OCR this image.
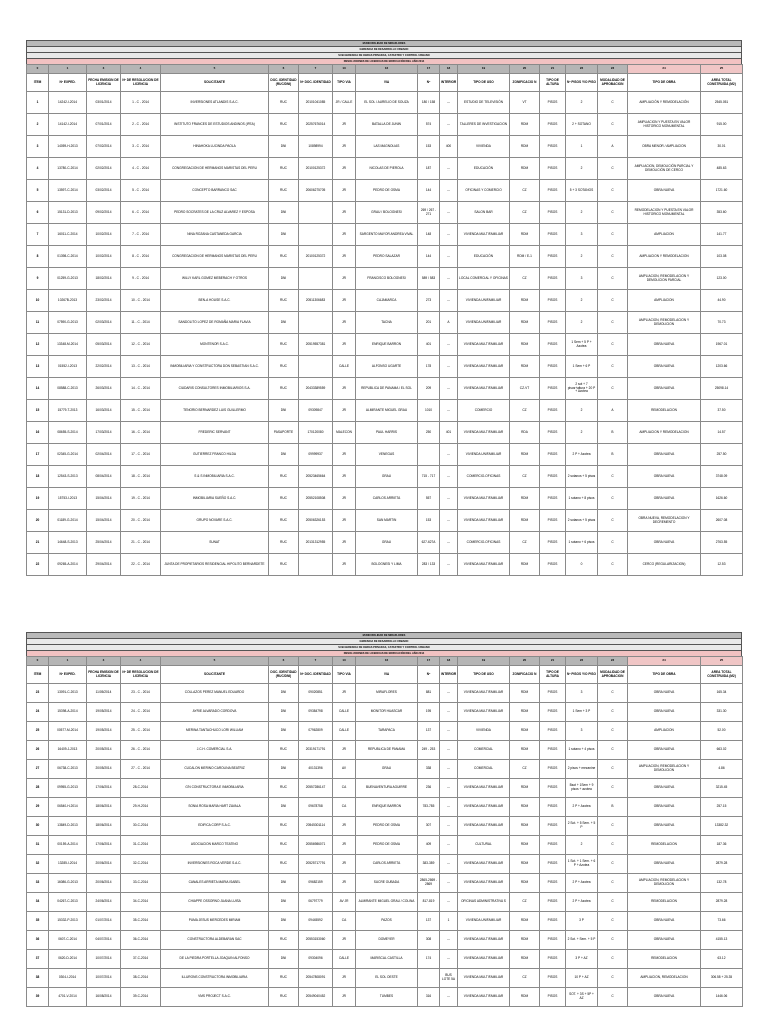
MUNICIPALIDAD DE MIRAFLORES
GERENCIA DE DESARROLLO URBANO
SUB GERENCIA DE OBRAS PRIVADAS, CATASTRO Y CONTROL URBANO
RESOLUCIONES DE LICENCIAS DE EDIFICACIÓN DEL AÑO 2014
0	1	3	4	5	6	7	13	16	17	18	19	20	21	22	23	24	25
ITEM	Nº EXPED.	FECHA EMISION DE LICENCIA	Nº DE RESOLUCION DE LICENCIA	SOLICITANTE	DOC. IDENTIDAD (RUC/DNI)	Nº DOC. IDENTIDAD	TIPO VIA	VIA	Nº	INTERIOR	TIPO DE USO	ZONIFICACIO N	TIPO DE ALTURA	Nº PISOS Y/O PISO	MODALIDAD DE APROBACION	TIPO DE OBRA	AREA TOTAL CONSTRUIDA (M2)
1	14242-I-2014	03/01/2014	1 - C - 2014	INVERSIONES ATLANDIS S.A.C.	RUC	20101041085	JR / CALLE	EL SOL / AURELIO DE SOUZA	180 / 158	---	ESTUDIO DE TELEVISIÓN	VT	PISOS	2	C	AMPLIACIÓN Y REMODELACIÓN	2545.051
2	14142-I-2014	07/01/2014	2 - C - 2014	INSTITUTO FRANCES DE ESTUDIOS ANDINOS (IFEA)	RUC	20257676014	JR	BATALLA DE JUNIN	574	---	TALLERES DE INVESTIGACION	RDM	PISOS	2 + SOTANO	C	AMPLIACION Y PUESTA EN VALOR HISTORICO MONUMENTAL	915.00
3	14059-H-2013	07/02/2014	3 - C - 2014	HINAHOKA LUCINDA PAOLA	DNI	10898994	JR	LAS MAGNOLIAS	153	400	VIVIENDA	RDM	PISOS	1	A	OBRA MENOR / AMPLIACION	30.01
4	13780-C-2014	02/02/2014	4 - C - 2014	CONGREGACION DE HERMANOS MARISTAS DEL PERU	RUC	20100125372	JR	NICOLAS DE PIEROLA	187	---	EDUCACIÓN	RDM	PISOS	2	C	AMPLIACION, DEMOLICIÓN PARCIAL Y DEMOLICIÓN DE CERCO	485.63
5	13597-C-2014	03/02/2014	5 - C - 2014	CONCEPTO BARRANCO SAC	RUC	20606275705	JR	PEDRO DE OSMA	144	---	OFICINAS Y COMERCIO	CZ	PISOS	5 + 3 SOTANOS	C	OBRA NUEVA	1721.60
6	15131-D-2013	09/02/2014	6 - C - 2014	PEDRO SOCRATES DE LA CRUZ ALVAREZ Y ESPOSA	DNI		JR	GRAU / BOLOGNESI	269 / 267 - 271	---	SALON BAR	CZ	PISOS	2	C	REMODELACION Y PUESTA EN VALOR HISTORICO MONUMENTAL	353.60
7	16011-C-2014	10/02/2014	7 - C - 2014	NINA ROZANA CASTANEDA GARCIA	DNI		JR	SARGENTO MAYOR ANDREA VIVAL	148	---	VIVIENDA MULTIFAMILIAR	RDM	PISOS	3	C	AMPLIACION	141.77
8	01398-C-2014	10/02/2014	8 - C - 2014	CONGREGACION DE HERMANOS MARISTAS DEL PERU	RUC	20100125372	JR	PEDRO SALAZAR	144	---	EDUCACIÓN	RDM / E-1	PISOS	2	C	AMPLIACION Y REMODELACION	103.08
9	01259-G-2013	18/02/2014	9 - C - 2014	WILLY KARL GOMEZ MEBERACH Y OTROS	DNI		JR	FRANCISCO BOLOGNESI	589 / 583	---	LOCAL COMERCIAL Y OFICINAS	CZ	PISOS	3	C	AMPLIACION, REMODELACION Y DEMOLICION PARCIAL	123.00
10	10267B-2013	23/02/2014	10 - C - 2014	BEN-A HOUSE S.A.C.	RUC	20511306683	JR	CAJAMARCA	273	---	VIVIENDA UNIFAMILIAR	RDM	PISOS	2	C	AMPLIACION	44.90
11	07590-G-2013	02/03/2014	11 - C - 2014	SANDOLITO LOPEZ DE ROMAÑA MARIA FLAVIA	DNI		JR	TACNA	201	A	VIVIENDA UNIFAMILIAR	RDM	PISOS	2	C	AMPLIACION, REMODELACION Y DEMOLICION	70.73
12	13348-M-2014	05/03/2014	12 - C - 2014	MONTENOR S.A.C.	RUC	20519557381	JR	ENRIQUE BARRON	401	---	VIVIENDA MULTIFAMILIAR	RDM	PISOS	1 Sem + 5 P + Azotea	C	OBRA NUEVA	1967.01
13	01552-I-2013	22/02/2014	13 - C - 2014	INMOBILIARIA Y CONSTRUCTORA DON SEBASTIAN S.A.C.	RUC		CALLE	ALFONSO UGARTE	178	---	VIVIENDA MULTIFAMILIAR	RDM	PISOS	1 Sem + 6 P	C	OBRA NUEVA	1203.66
14	08588-C-2013	26/03/2014	14 - C - 2014	CIUDARIS CONSULTORES INMOBILIARIOS S.A.	RUC	20433389559	JR	REPUBLICA DE PANAMA / EL SOL	209	---	VIVIENDA MULTIFAMILIAR	CZ-VT	PISOS	2 sot + 7 pisos+altura + 20 P + Azotea	C	OBRA NUEVA	25098.14
15	15779-T-2013	16/03/2014	15 - C - 2014	TENORIO BERNARDEZ LUIS GUILLERMO	DNI	09309847	JR	ALMIRANTE MIGUEL GRAU	1010	---	COMERCIO	CZ	PISOS	2	A	REMODELACION	37.50
16	08655-S-2014	17/03/2014	16 - C - 2014	FREDERIC SERVANT	PASAPORTE	170120080	MALECON	PAUL HARRIS	250	401	VIVIENDA MULTIFAMILIAR	RDA	PISOS	2	B	AMPLIACION Y REMODELACION	14.57
17	02345-G-2014	02/04/2014	17 - C - 2014	GUTIERREZ FRANCO HILDA	DNI	09999937	JR	VENEGAS		---	VIVIENDA UNIFAMILIAR	RDM	PISOS	2 P + Azotea	B	OBRA NUEVA	257.50
18	12543-S-2013	08/04/2014	18 - C - 2014	S & S INMOBILIARIA S.A.C.	RUC	20523465664	JR	GRAU	715 - 717	---	COMERCIO-OFICINAS	CZ	PISOS	2 sotanos + 5 pisos	C	OBRA NUEVA	3748.09
19	15753-I-2013	15/04/2014	19 - C - 2014	INMOBILIARIA SUEÑO S.A.C.	RUC	20552108508	JR	CARLOS ARRIETA	557	---	VIVIENDA MULTIFAMILIAR	RDM	PISOS	1 sotano + 8 pisos	C	OBRA NUEVA	1626.60
20	01189-G-2014	15/04/2014	20 - C - 2014	GRUPO NOVARE S.A.C.	RUC	20506326153	JR	SAN MARTIN	153	---	VIVIENDA MULTIFAMILIAR	RDM	PISOS	2 sotanos + 5 pisos	C	OBRA NUEVA, REMODELACION Y DECREMENTO	2607.08
21	14648-S-2013	25/04/2014	21 - C - 2014	SUNAT	RUC	20131312955	JR	GRAU	627-627A	---	COMERCIO-OFICINAS	CZ	PISOS	1 sotano + 6 pisos	C	OBRA NUEVA	2763.55
22	09265-A-2014	29/04/2014	22 - C - 2014	JUNTA DE PROPIETARIOS RESIDENCIAL HIPOLITO BERNARDETE	RUC		JR	BOLOGNESI Y LIMA	283 / 133	---	VIVIENDA MULTIFAMILIAR	RDM	PISOS	0	C	CERCO (REGULARIZACION)	12.53
MUNICIPALIDAD DE MIRAFLORES
GERENCIA DE DESARROLLO URBANO
SUB GERENCIA DE OBRAS PRIVADAS, CATASTRO Y CONTROL URBANO
RESOLUCIONES DE LICENCIAS DE EDIFICACIÓN DEL AÑO 2014
0	1	3	4	5	6	7	13	16	17	18	19	20	21	22	23	24	25
ITEM	Nº EXPED.	FECHA EMISION DE LICENCIA	Nº DE RESOLUCION DE LICENCIA	SOLICITANTE	DOC. IDENTIDAD (RUC/DNI)	Nº DOC. IDENTIDAD	TIPO VIA	VIA	Nº	INTERIOR	TIPO DE USO	ZONIFICACIO N	TIPO DE ALTURA	Nº PISOS Y/O PISO	MODALIDAD DE APROBACION	TIPO DE OBRA	AREA TOTAL CONSTRUIDA (M2)
23	13091-C-2013	11/05/2014	23 - C - 2014	COLLAZOS PEREZ MANUEL EDUARDO	DNI	09020851	JR	MIRAFLORES	881	---	VIVIENDA MULTIFAMILIAR	RDM	PISOS	3	C	OBRA NUEVA	165.34
24	15398-A-2014	19/05/2014	24 - C - 2014	AYRIE ALVARADO CORDOVA	DNI	09384798	CALLE	MONITOR HUASCAR	195	---	VIVIENDA MULTIFAMILIAR	RDM	PISOS	1 Sem + 3 P	C	OBRA NUEVA	331.30
25	00577-M-2014	19/05/2014	25 - C - 2014	MERINA TANTACHUCO LORI WILLIAM	DNI	07962809	CALLE	TARAPACA	137	---	VIVIENDA	RDM	PISOS	3	C	AMPLIACION	52.00
26	16409-J-2013	20/05/2014	26 - C - 2014	J.C.H. COMERCIAL S.A.	RUC	20319171791	JR	REPUBLICA DE PANAMA	249 - 253	---	COMERCIAL	RDM	PISOS	1 sotano + 4 pisos	C	OBRA NUEVA	663.02
27	06738-C-2013	20/05/2014	27 - C - 2014	CUCALON MERINO CAROLINA BEATRIZ	DNI	40131396	AV	GRAU	338	---	COMERCIAL	CZ	PISOS	2 pisos + mezanine	C	AMPLIACION, REMODELACION Y DEMOLICION	4.86
28	09955-G-2013	17/06/2014	28-C-2014	G'N CONSTRUCTORA E INMOBILIARIA	RUC	20557286147	CA	BUENAVENTURA AGUIRRE	236	---	VIVIENDA MULTIFAMILIAR	RDM	PISOS	Bsot + 1Sem + 9 pisos + azotea	C	OBRA NUEVA	3215.45
29	06540-H-2014	18/06/2014	29-H-2014	SONIA ROSA MARIA HART ZAVALA	DNI	09678758	CA	ENRIQUE BARRON	783-785	---	VIVIENDA MULTIFAMILIAR	RDM	PISOS	2 P + Azotea	B	OBRA NUEVA	257.15
30	13849-D-2013	18/06/2014	30-C-2014	EDIFICA CORP S.A.C.	RUC	20545301114	JR	PEDRO DE OSMA	307	---	VIVIENDA MULTIFAMILIAR	RDM	PISOS	2 Sot. + 5 Sem. + 5 P	C	OBRA NUEVA	13382.32
31	00159-A-2014	17/06/2014	31-C-2014	ASOCIACION MARCO TEATINO	RUC	20556986071	JR	PEDRO DE OSMA	409	---	CULTURAL	RDM	PISOS	2	C	REMODELACION	187.36
32	13285-I-2014	20/06/2014	32-C-2014	INVERSIONES ROCA VERDE S.A.C.	RUC	20525717791	JR	CARLOS ARRIETA	383-389	---	VIVIENDA MULTIFAMILIAR	RDM	PISOS	1 Sot. + 1 Sem. + 6 P + Azotea	C	OBRA NUEVA	2879.28
33	16086-G-2013	20/06/2014	33-C-2014	CANALES ARRIETA MARIA ISABEL	DNI	09682159	JR	SUCRE OUBADA	2865-2869 - 2869	---	VIVIENDA MULTIFAMILIAR	RDM	PISOS	2 P + Azotea	C	AMPLIACION, REMODELACION Y DEMOLICION	132.78
34	04267-C-2013	24/06/2014	34-C-2014	CHIAPPE OSSORNO JUANA LUISA	DNI	06797779	AV JR	ALMIRANTE MIGUEL GRAU / COLINA	817-819	---	OFICINAS ADMINISTRATIVA S	CZ	PISOS	2 P + Azotea	C	REMODELACION	2879.28
35	15332-P-2013	01/07/2014	35-C-2014	PUMA JESUS MERCEDES MIRIAM	DNI	09445592	CA	PAZOS	137	1	VIVIENDA UNIFAMILIAR	RDM	PISOS	3 P	C	OBRA NUEVA	73.66
36	0607-C-2014	04/07/2014	36-C-2014	CONSTRUCTORA ALDEBARAN SAC	RUC	20553153060	JR	DOMEYER	308	---	VIVIENDA MULTIFAMILIAR	RDM	PISOS	2 Sot. + Sem. + 5 P	C	OBRA NUEVA	4155.13
37	0620-D-2014	10/07/2014	37-C-2014	DE LA PIEDRA PORTELLA JOAQUIN ALFONSO	DNI	09304096	CALLE	MARISCAL CASTILLA	174	---	VIVIENDA MULTIFAMILIAR	RDM	PISOS	3 P + AZ	C	REMODELACION	63.12
38	0304-I-2014	10/07/2014	38-C-2014	ILLURONS CONSTRUCTORA INMOBILIARIA	RUC	20547808091	JR	EL SOL OESTE		BUS LOTE 5A	VIVIENDA MULTIFAMILIAR	CZ	PISOS	10 P + AZ	C	AMPLIACION, REMODELACION	306.58 + 25.35
39	4701-V-2014	16/08/2014	39-C-2014	VMS PROJECT S.A.C.	RUC	20549040452	JR	TUMBES	316	---	VIVIENDA MULTIFAMILIAR	RDM	PISOS	SOT. + 3S + 5P + AZ	C	OBRA NUEVA	1446.06
